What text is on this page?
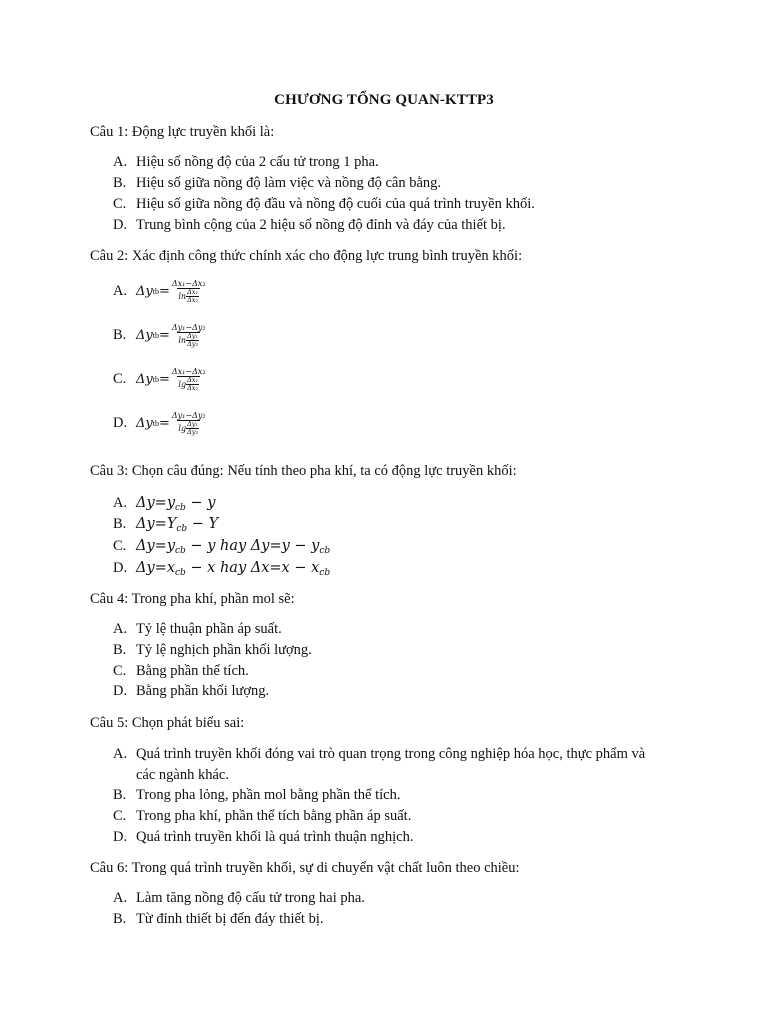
CHƯƠNG TỔNG QUAN-KTTP3
Câu 1: Động lực truyền khối là:
A. Hiệu số nồng độ của 2 cấu tử trong 1 pha.
B. Hiệu số giữa nồng độ làm việc và nồng độ cân bằng.
C. Hiệu số giữa nồng độ đầu và nồng độ cuối của quá trình truyền khối.
D. Trung bình cộng của 2 hiệu số nồng độ đỉnh và đáy của thiết bị.
Câu 2: Xác định công thức chính xác cho động lực trung bình truyền khối:
A. Δy tb = Δx₁−Δx₂
ln Δx₁
Δx₂
B. Δy tb = Δy₁−Δy₂
ln Δy₁
Δy₂
C. Δy tb = Δx₁−Δx₂
lg Δx₁
Δx₂
D. Δy tb = Δy₁−Δy₂
lg Δy₁
Δy₂
Câu 3: Chọn câu đúng: Nếu tính theo pha khí, ta có động lực truyền khối:
A. $\Delta y=y_{cb} - y$
B. $\Delta y=Y_{cb} - Y$
C. $\Delta y=y_{cb} - y$ hay $\Delta y=y - y_{cb}$
D. $\Delta y=x_{cb} - x$ hay $\Delta x=x - x_{cb}$
Câu 4: Trong pha khí, phần mol sẽ:
A. Tỷ lệ thuận phần áp suất.
B. Tỷ lệ nghịch phần khối lượng.
C. Bằng phần thể tích.
D. Bằng phần khối lượng.
Câu 5: Chọn phát biểu sai:
A. Quá trình truyền khối đóng vai trò quan trọng trong công nghiệp hóa học, thực phẩm và
các ngành khác.
B. Trong pha lỏng, phần mol bằng phần thể tích.
C. Trong pha khí, phần thể tích bằng phần áp suất.
D. Quá trình truyền khối là quá trình thuận nghịch.
Câu 6: Trong quá trình truyền khối, sự di chuyển vật chất luôn theo chiều:
A. Làm tăng nồng độ cấu tử trong hai pha.
B. Từ đỉnh thiết bị đến đáy thiết bị.
